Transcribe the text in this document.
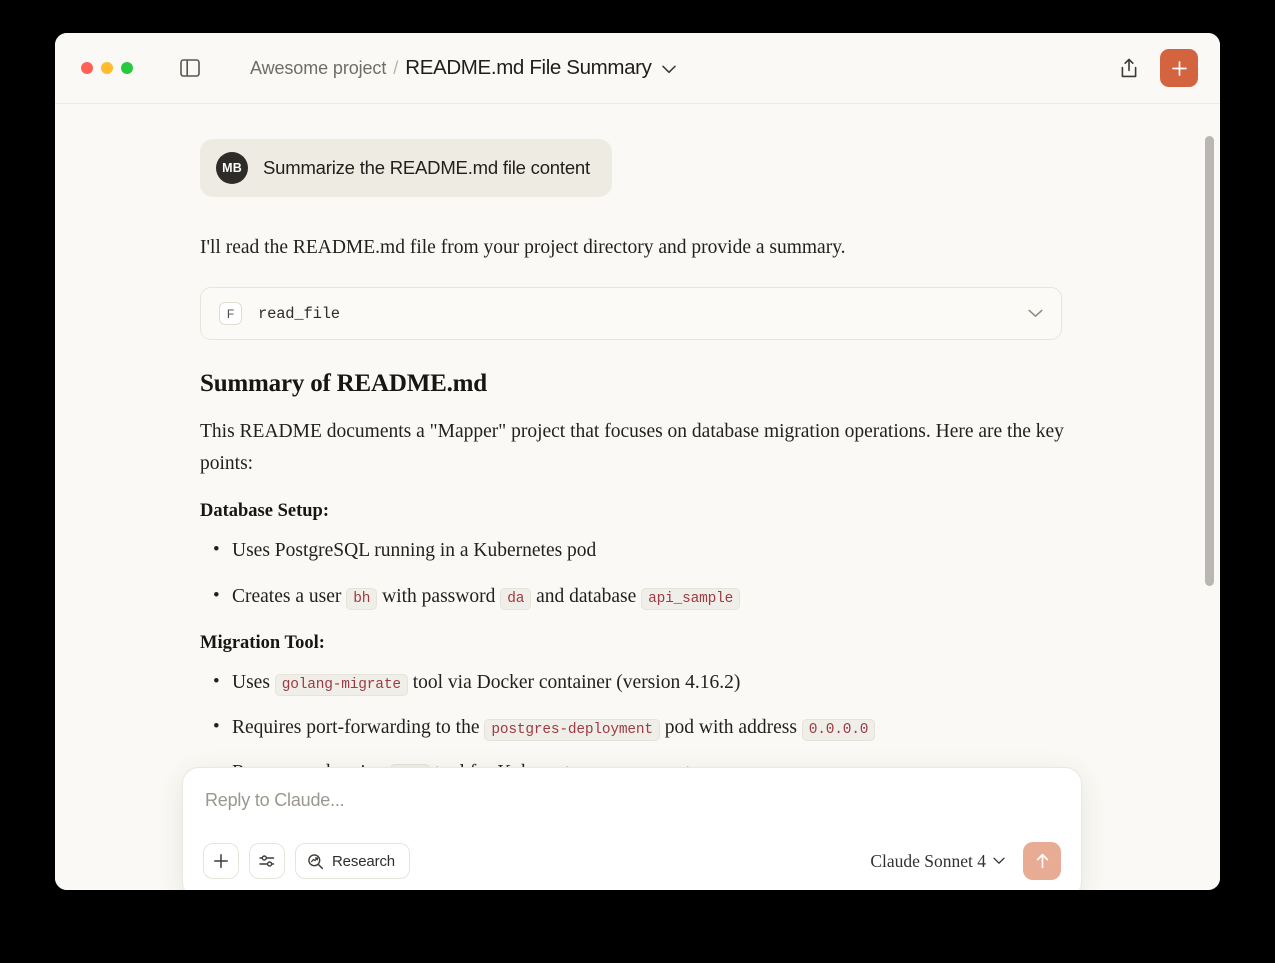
Awesome project / README.md File Summary
MB	Summarize the README.md file content
I'll read the README.md file from your project directory and provide a summary.
F	read_file
Summary of README.md
This README documents a "Mapper" project that focuses on database migration operations. Here are the key points:
Database Setup:
• Uses PostgreSQL running in a Kubernetes pod
• Creates a user bh with password da and database api_sample
Migration Tool:
• Uses golang-migrate tool via Docker container (version 4.16.2)
• Requires port-forwarding to the postgres-deployment pod with address 0.0.0.0
•
Reply to Claude...
Research	Claude Sonnet 4
